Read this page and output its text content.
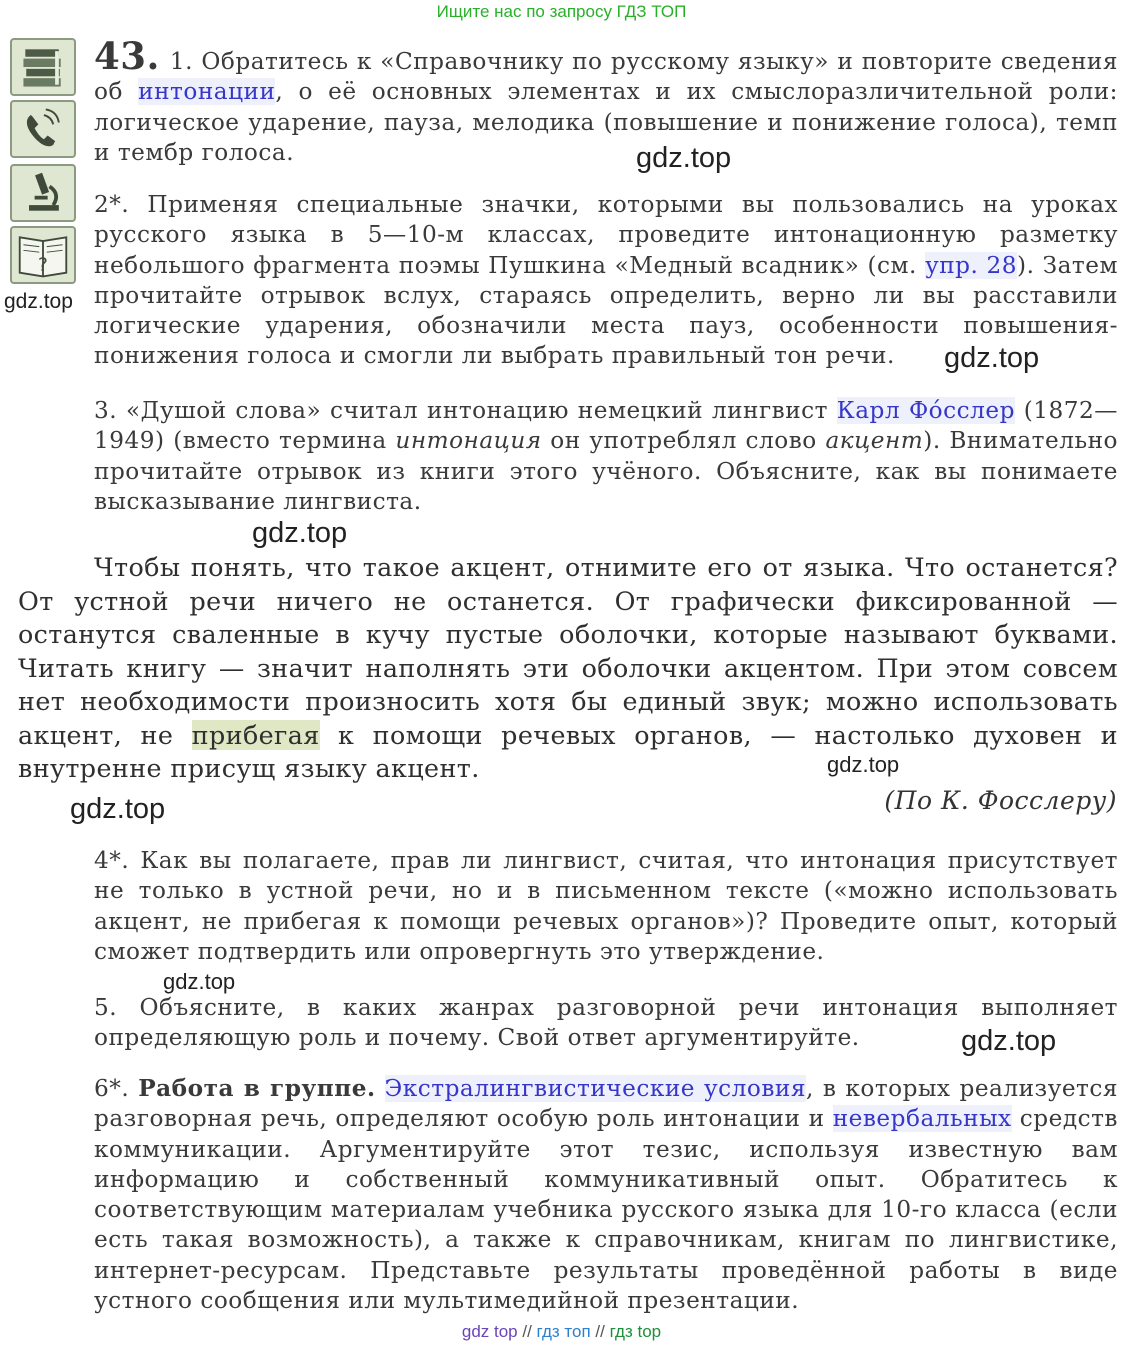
Ищите нас по запросу ГДЗ ТОП
?

43. 1. Обратитесь к «Справочнику по русскому языку» и повторите сведения об интонации, о её основных элементах и их смыслоразличительной роли: логическое ударение, пауза, мелодика (повышение и понижение голоса), темп и тембр голоса.

2*. Применяя специальные значки, которыми вы пользовались на уроках русского языка в 5—10-м классах, проведите интонационную разметку небольшого фрагмента поэмы Пушкина «Медный всадник» (см. упр. 28). Затем прочитайте отрывок вслух, стараясь определить, верно ли вы расставили логические ударения, обозначили места пауз, особенности повышения-понижения голоса и смогли ли выбрать правильный тон речи.

3. «Душой слова» считал интонацию немецкий лингвист Карл Фóсслер (1872—1949) (вместо термина интонация он употреблял слово акцент). Внимательно прочитайте отрывок из книги этого учёного. Объясните, как вы понимаете высказывание лингвиста.

Чтобы понять, что такое акцент, отнимите его от языка. Что останется? От устной речи ничего не останется. От графически фиксированной — останутся сваленные в кучу пустые оболочки, которые называют буквами. Читать книгу — значит наполнять эти оболочки акцентом. При этом совсем нет необходимости произносить хотя бы единый звук; можно использовать акцент, не прибегая к помощи речевых органов, — настолько духовен и внутренне присущ языку акцент.

(По К. Фосслеру)

4*. Как вы полагаете, прав ли лингвист, считая, что интонация присутствует не только в устной речи, но и в письменном тексте («можно использовать акцент, не прибегая к помощи речевых органов»)? Проведите опыт, который сможет подтвердить или опровергнуть это утверждение.

5. Объясните, в каких жанрах разговорной речи интонация выполняет определяющую роль и почему. Свой ответ аргументируйте.

6*. Работа в группе. Экстралингвистические условия, в которых реализуется разговорная речь, определяют особую роль интонации и невербальных средств коммуникации. Аргументируйте этот тезис, используя известную вам информацию и собственный коммуникативный опыт. Обратитесь к соответствующим материалам учебника русского языка для 10-го класса (если есть такая возможность), а также к справочникам, книгам по лингвистике, интернет-ресурсам. Представьте результаты проведённой работы в виде устного сообщения или мультимедийной презентации.

gdz.top
gdz.top
gdz.top
gdz.top
gdz.top
gdz.top
gdz.top
gdz.top
gdz top // гдз топ // гдз top
